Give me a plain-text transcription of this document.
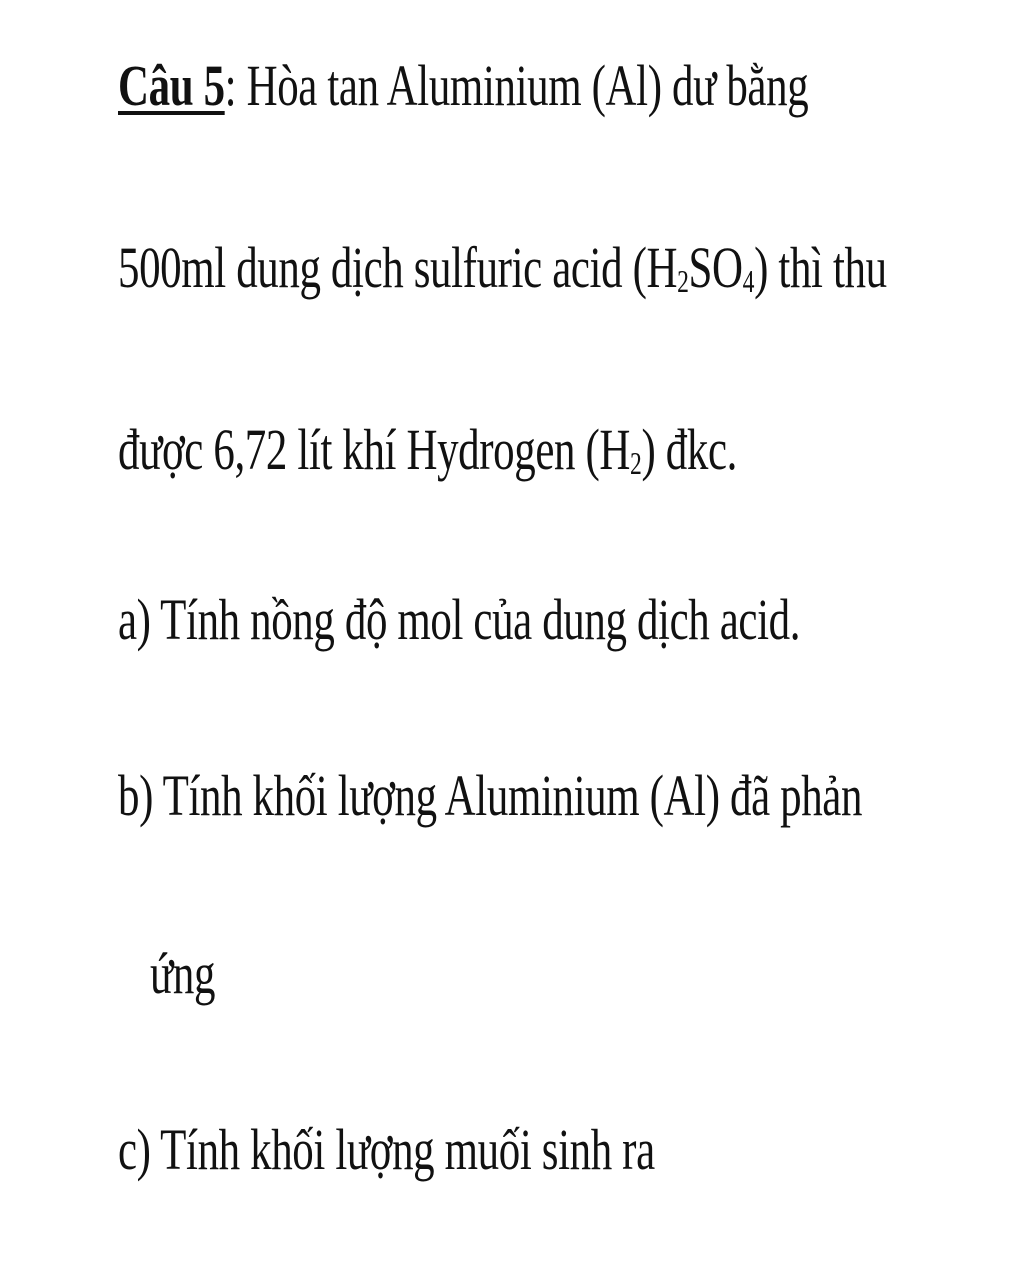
Câu 5: Hòa tan Aluminium (Al) dư bằng
500ml dung dịch sulfuric acid $(H_2SO_4)$ thì thu
được 6,72 lít khí Hydrogen $(H_2)$ đkc.
a) Tính nồng độ mol của dung dịch acid.
b) Tính khối lượng Aluminium (Al) đã phản
ứng
c) Tính khối lượng muối sinh ra
